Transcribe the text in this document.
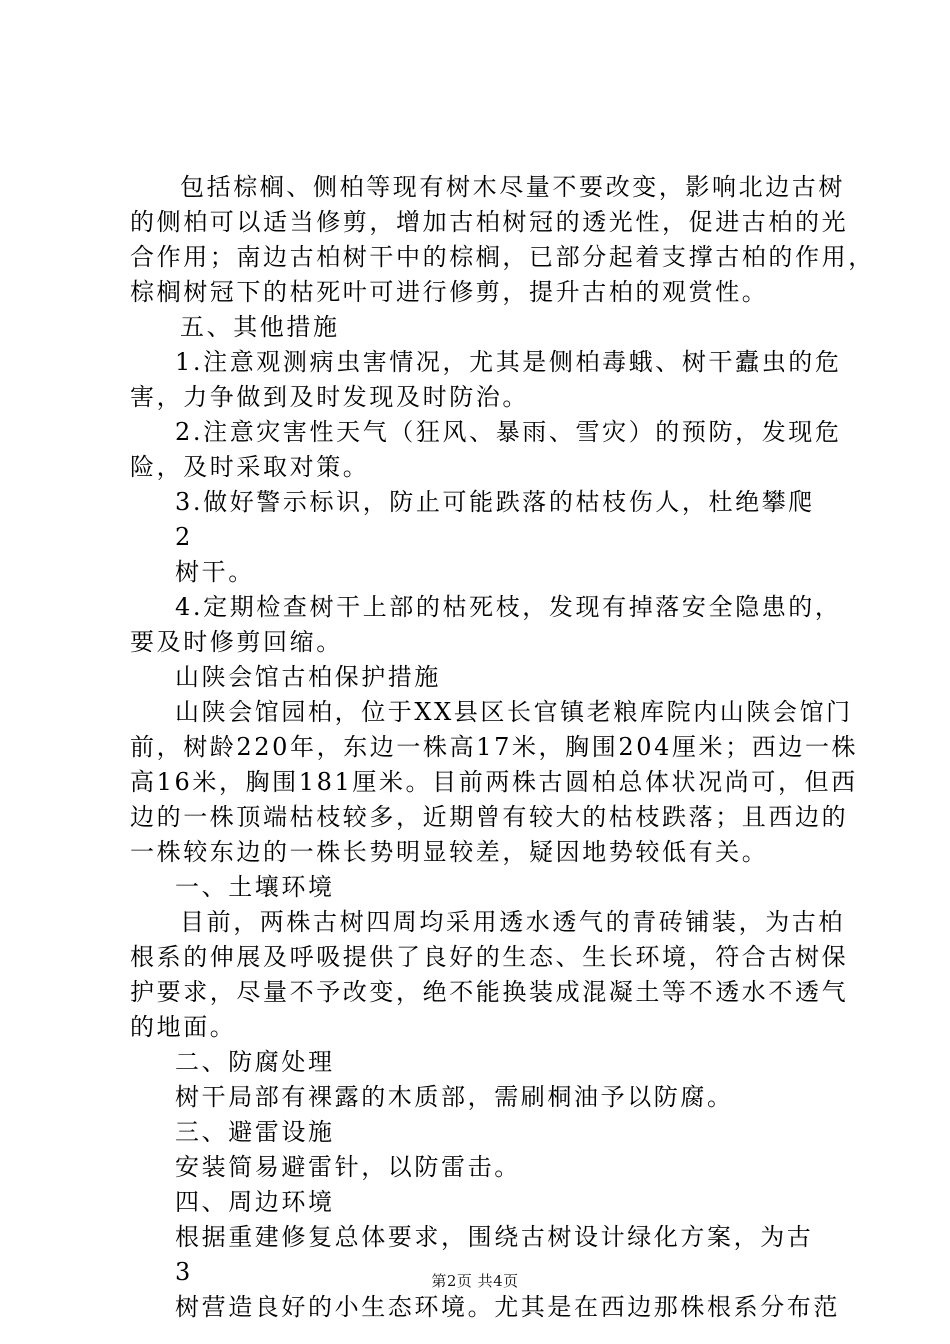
包括棕榈、侧柏等现有树木尽量不要改变，影响北边古树
的侧柏可以适当修剪，增加古柏树冠的透光性，促进古柏的光
合作用；南边古柏树干中的棕榈，已部分起着支撑古柏的作用，
棕榈树冠下的枯死叶可进行修剪，提升古柏的观赏性。
五、其他措施
1.注意观测病虫害情况，尤其是侧柏毒蛾、树干蠹虫的危
害，力争做到及时发现及时防治。
2.注意灾害性天气（狂风、暴雨、雪灾）的预防，发现危
险，及时采取对策。
3.做好警示标识，防止可能跌落的枯枝伤人，杜绝攀爬
2
树干。
4.定期检查树干上部的枯死枝，发现有掉落安全隐患的，
要及时修剪回缩。
山陕会馆古柏保护措施
山陕会馆园柏，位于XX县区长官镇老粮库院内山陕会馆门
前，树龄220年，东边一株高17米，胸围204厘米；西边一株
高16米，胸围181厘米。目前两株古圆柏总体状况尚可，但西
边的一株顶端枯枝较多，近期曾有较大的枯枝跌落；且西边的
一株较东边的一株长势明显较差，疑因地势较低有关。
一、土壤环境
目前，两株古树四周均采用透水透气的青砖铺装，为古柏
根系的伸展及呼吸提供了良好的生态、生长环境，符合古树保
护要求，尽量不予改变，绝不能换装成混凝土等不透水不透气
的地面。
二、防腐处理
树干局部有裸露的木质部，需刷桐油予以防腐。
三、避雷设施
安装简易避雷针，以防雷击。
四、周边环境
根据重建修复总体要求，围绕古树设计绿化方案，为古
3
树营造良好的小生态环境。尤其是在西边那株根系分布范
第2页 共4页
